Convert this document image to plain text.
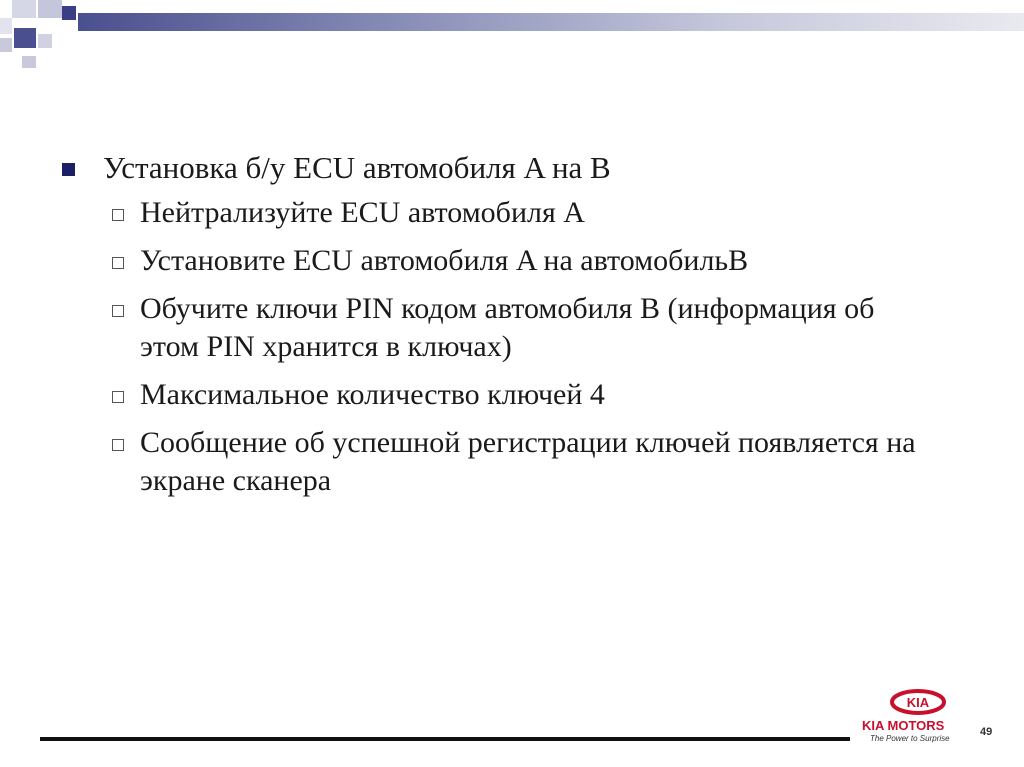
Установка б/у ECU автомобиля A на B
Нейтрализуйте ECU автомобиля A
Установите ECU автомобиля A на автомобильB
Обучите ключи PIN кодом автомобиля B (информация об этом PIN хранится в ключах)
Максимальное количество ключей 4
Сообщение об успешной регистрации ключей появляется на экране сканера
KIA
KIA MOTORS
The Power to Surprise
49
